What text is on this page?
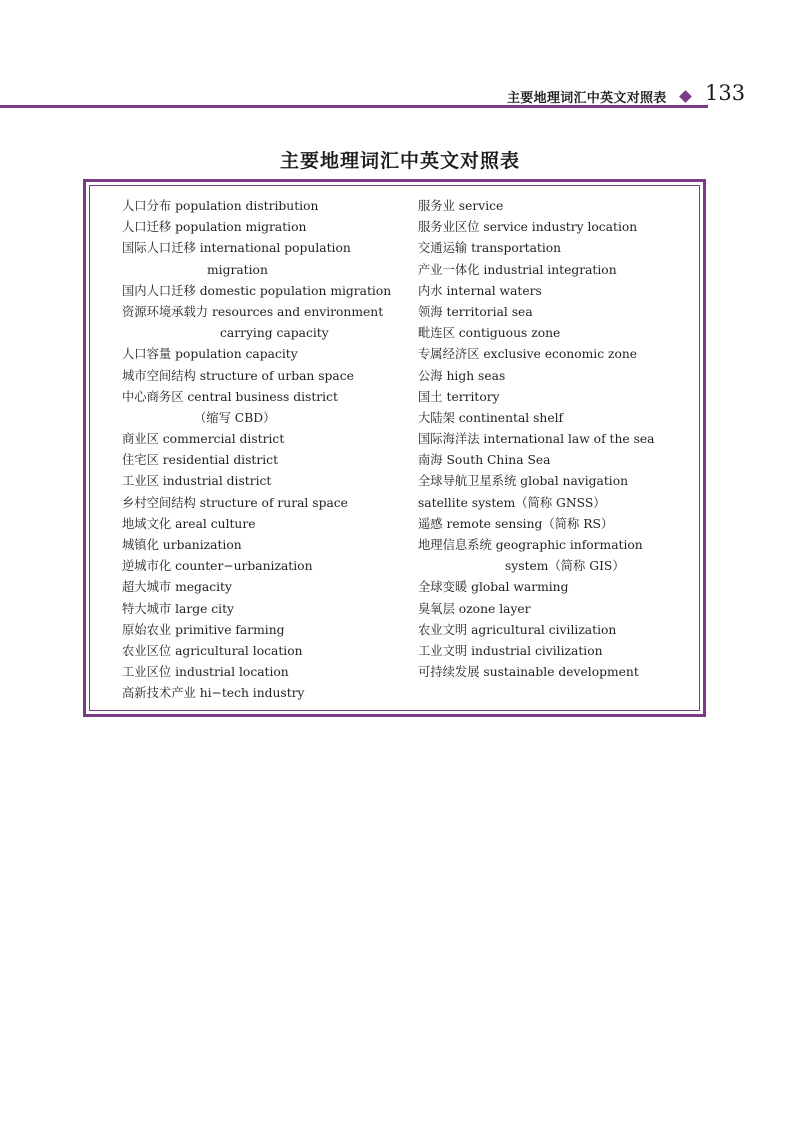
主要地理词汇中英文对照表 133
主要地理词汇中英文对照表
人口分布 population distribution
人口迁移 population migration
国际人口迁移 international population
migration
国内人口迁移 domestic population migration
资源环境承载力 resources and environment
carrying capacity
人口容量 population capacity
城市空间结构 structure of urban space
中心商务区 central business district
（缩写 CBD）
商业区 commercial district
住宅区 residential district
工业区 industrial district
乡村空间结构 structure of rural space
地域文化 areal culture
城镇化 urbanization
逆城市化 counter−urbanization
超大城市 megacity
特大城市 large city
原始农业 primitive farming
农业区位 agricultural location
工业区位 industrial location
高新技术产业 hi−tech industry
服务业 service
服务业区位 service industry location
交通运输 transportation
产业一体化 industrial integration
内水 internal waters
领海 territorial sea
毗连区 contiguous zone
专属经济区 exclusive economic zone
公海 high seas
国土 territory
大陆架 continental shelf
国际海洋法 international law of the sea
南海 South China Sea
全球导航卫星系统 global navigation
satellite system（简称 GNSS）
遥感 remote sensing（简称 RS）
地理信息系统 geographic information
system（简称 GIS）
全球变暖 global warming
臭氧层 ozone layer
农业文明 agricultural civilization
工业文明 industrial civilization
可持续发展 sustainable development
